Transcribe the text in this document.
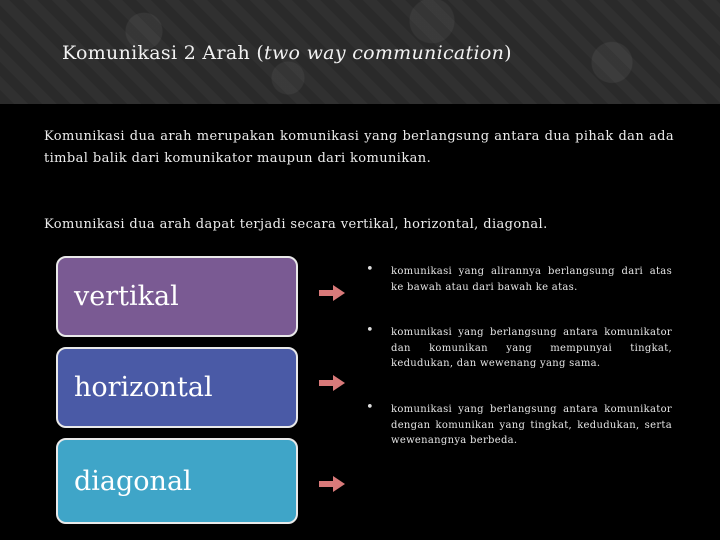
Komunikasi 2 Arah (two way communication)

Komunikasi dua arah merupakan komunikasi yang berlangsung antara dua pihak dan ada timbal balik dari komunikator maupun dari komunikan.

Komunikasi dua arah dapat terjadi secara vertikal, horizontal, diagonal.

vertikal
horizontal
diagonal
• komunikasi yang alirannya berlangsung dari atas ke bawah atau dari bawah ke atas.

• komunikasi yang berlangsung antara komunikator dan komunikan yang mempunyai tingkat, kedudukan, dan wewenang yang sama.

• komunikasi yang berlangsung antara komunikator dengan komunikan yang tingkat, kedudukan, serta wewenangnya berbeda.
